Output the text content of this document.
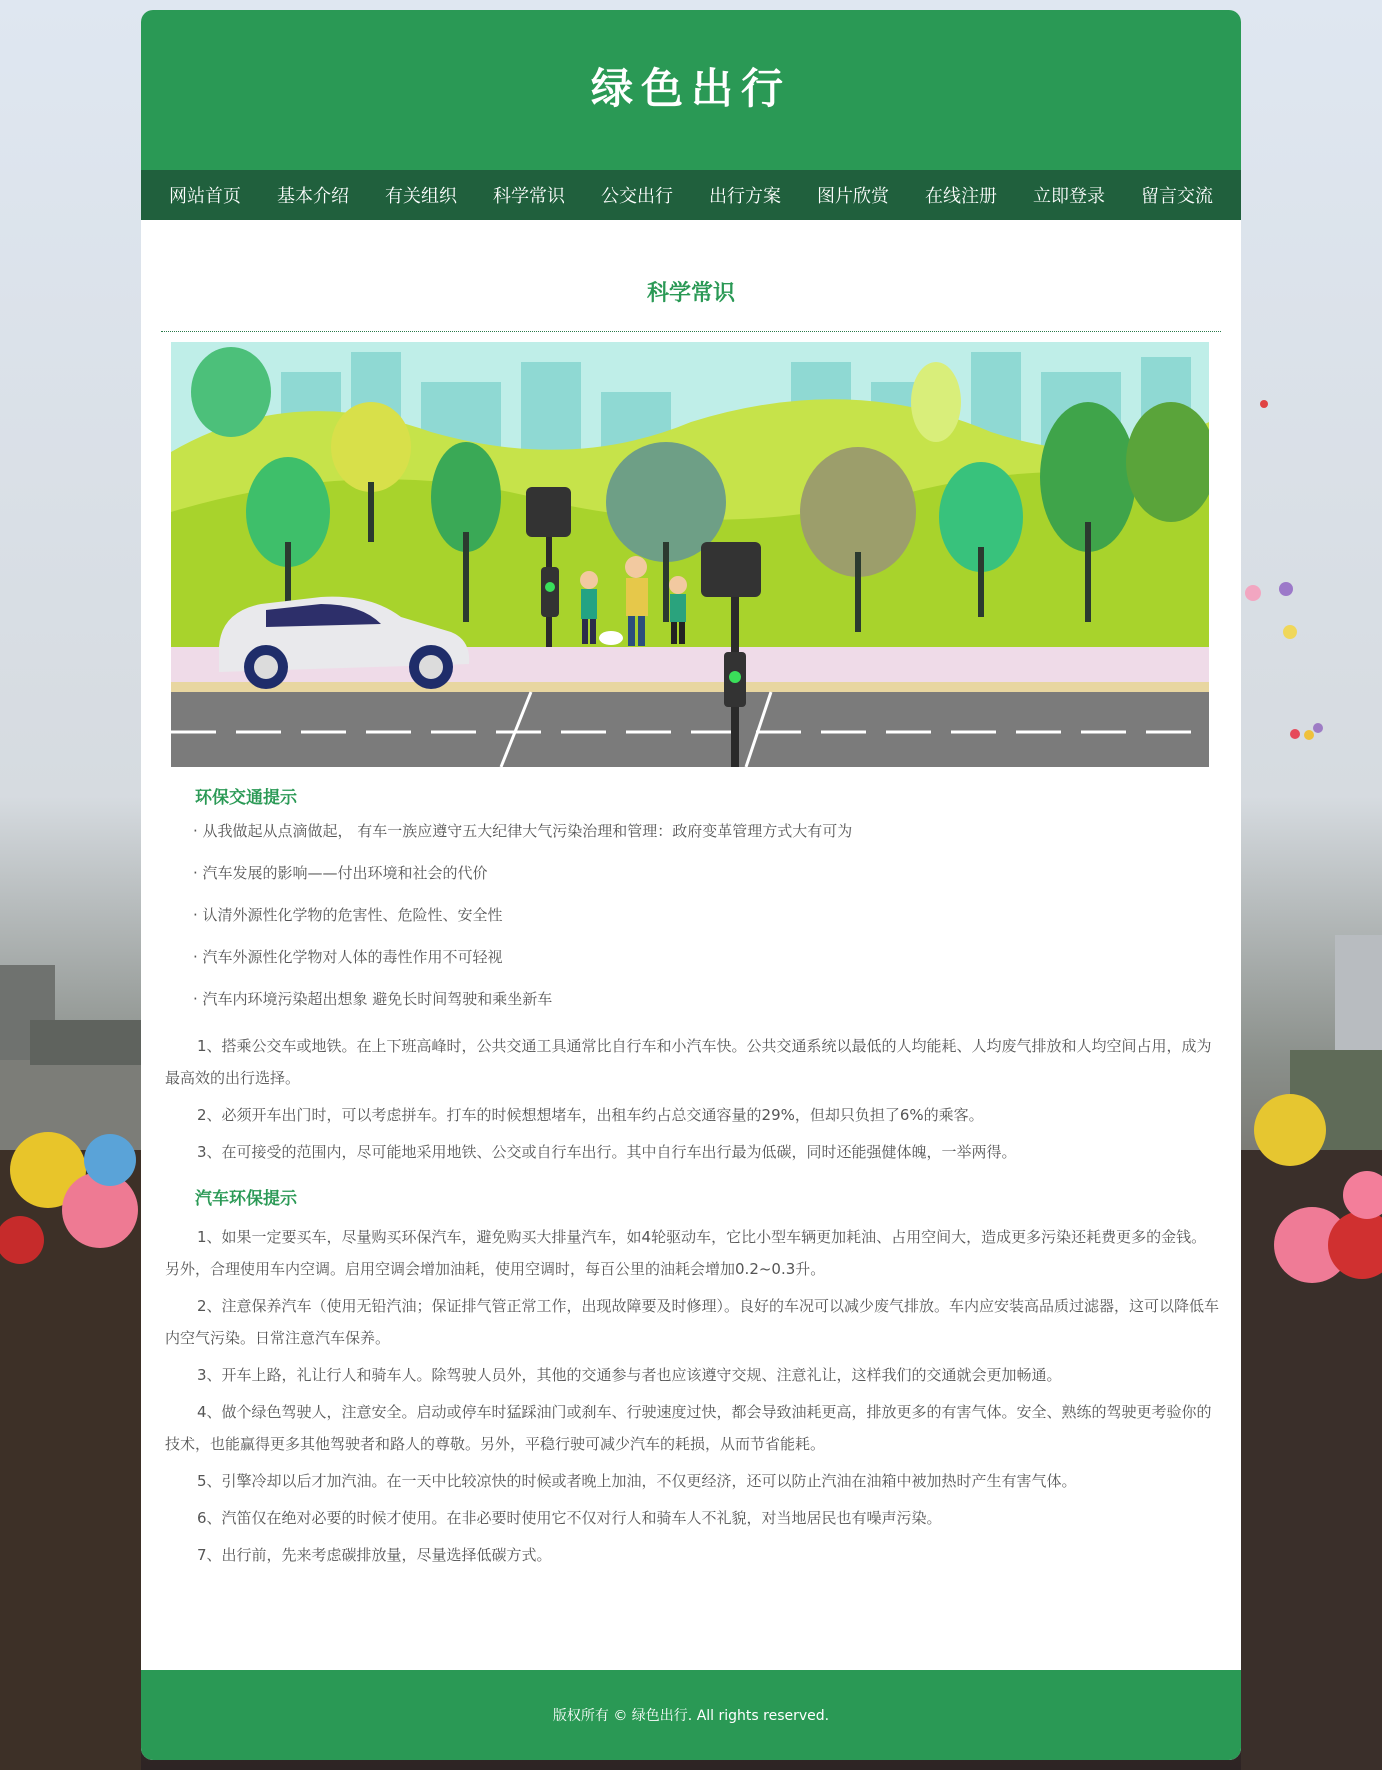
绿色出行
网站首页	基本介绍	有关组织	科学常识	公交出行	出行方案	图片欣赏	在线注册	立即登录	留言交流
科学常识
环保交通提示
· 从我做起从点滴做起， 有车一族应遵守五大纪律大气污染治理和管理：政府变革管理方式大有可为
· 汽车发展的影响——付出环境和社会的代价
· 认清外源性化学物的危害性、危险性、安全性
· 汽车外源性化学物对人体的毒性作用不可轻视
· 汽车内环境污染超出想象 避免长时间驾驶和乘坐新车

1、搭乘公交车或地铁。在上下班高峰时，公共交通工具通常比自行车和小汽车快。公共交通系统以最低的人均能耗、人均废气排放和人均空间占用，成为最高效的出行选择。

2、必须开车出门时，可以考虑拼车。打车的时候想想堵车，出租车约占总交通容量的29%，但却只负担了6%的乘客。

3、在可接受的范围内，尽可能地采用地铁、公交或自行车出行。其中自行车出行最为低碳，同时还能强健体魄，一举两得。

汽车环保提示

1、如果一定要买车，尽量购买环保汽车，避免购买大排量汽车，如4轮驱动车，它比小型车辆更加耗油、占用空间大，造成更多污染还耗费更多的金钱。另外，合理使用车内空调。启用空调会增加油耗，使用空调时，每百公里的油耗会增加0.2~0.3升。

2、注意保养汽车（使用无铅汽油；保证排气管正常工作，出现故障要及时修理）。良好的车况可以减少废气排放。车内应安装高品质过滤器，这可以降低车内空气污染。日常注意汽车保养。

3、开车上路，礼让行人和骑车人。除驾驶人员外，其他的交通参与者也应该遵守交规、注意礼让，这样我们的交通就会更加畅通。

4、做个绿色驾驶人，注意安全。启动或停车时猛踩油门或刹车、行驶速度过快，都会导致油耗更高，排放更多的有害气体。安全、熟练的驾驶更考验你的技术，也能赢得更多其他驾驶者和路人的尊敬。另外，平稳行驶可减少汽车的耗损，从而节省能耗。

5、引擎冷却以后才加汽油。在一天中比较凉快的时候或者晚上加油，不仅更经济，还可以防止汽油在油箱中被加热时产生有害气体。

6、汽笛仅在绝对必要的时候才使用。在非必要时使用它不仅对行人和骑车人不礼貌，对当地居民也有噪声污染。

7、出行前，先来考虑碳排放量，尽量选择低碳方式。

版权所有 © 绿色出行. All rights reserved.
